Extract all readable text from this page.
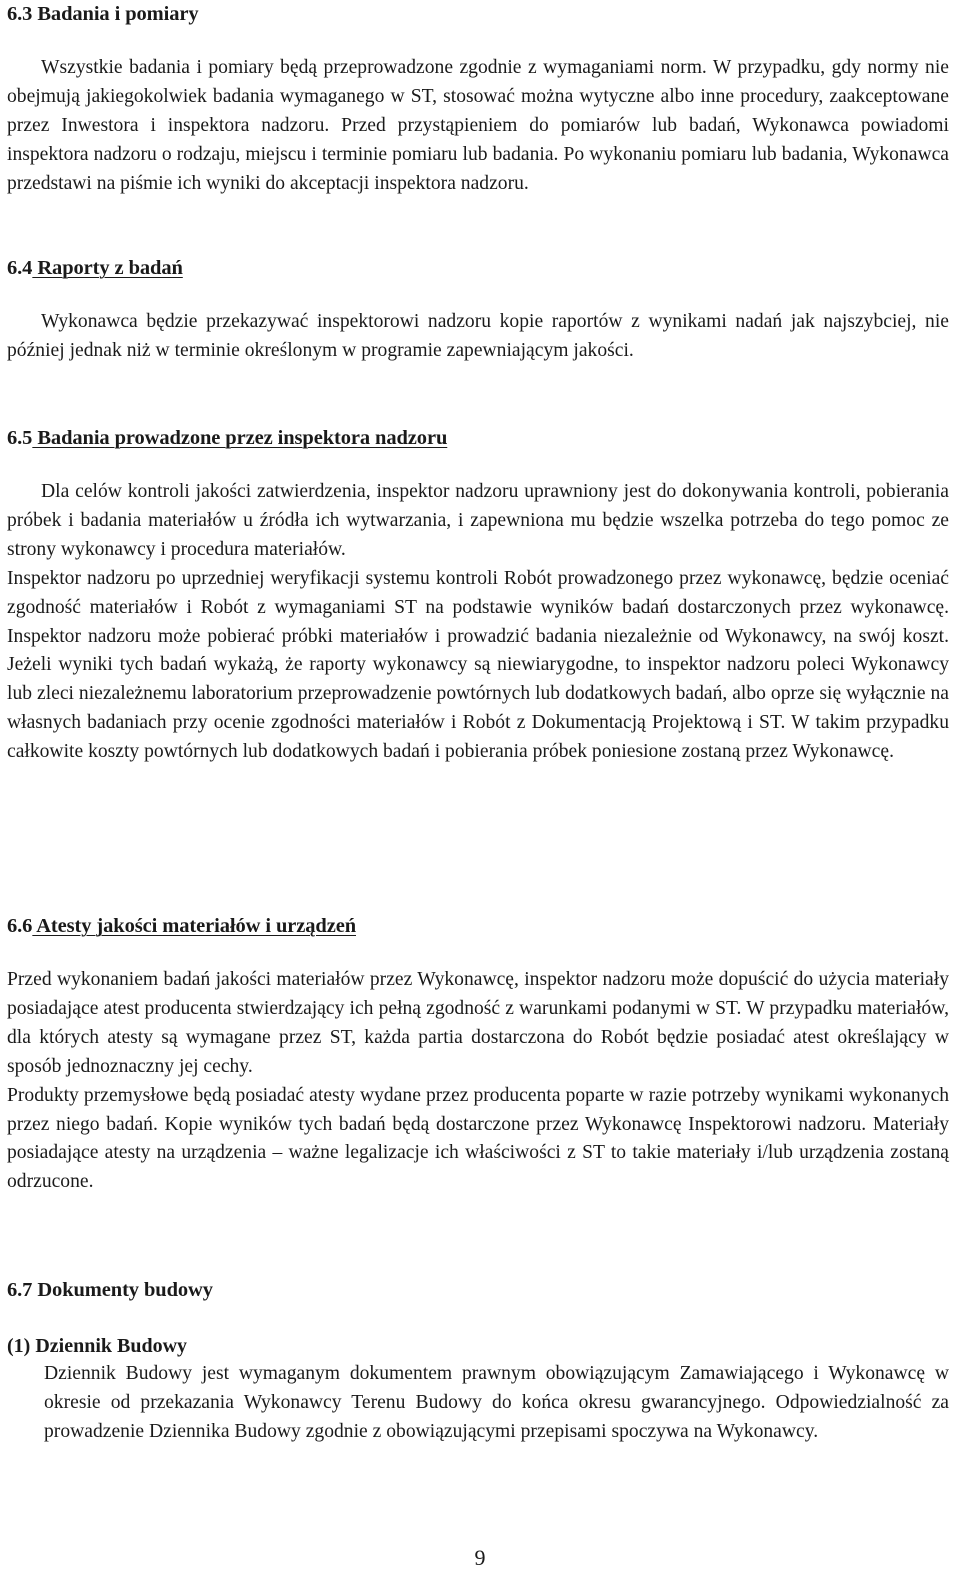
6.3 Badania i pomiary

Wszystkie badania i pomiary będą przeprowadzone zgodnie z wymaganiami norm. W przypadku, gdy normy nie obejmują jakiegokolwiek badania wymaganego w ST, stosować można wytyczne albo inne procedury, zaakceptowane przez Inwestora i inspektora nadzoru. Przed przystąpieniem do pomiarów lub badań, Wykonawca powiadomi inspektora nadzoru o rodzaju, miejscu i terminie pomiaru lub badania. Po wykonaniu pomiaru lub badania, Wykonawca przedstawi na piśmie ich wyniki do akceptacji inspektora nadzoru.

6.4 Raporty z badań

Wykonawca będzie przekazywać inspektorowi nadzoru kopie raportów z wynikami nadań jak najszybciej, nie później jednak niż w terminie określonym w programie zapewniającym jakości.

6.5 Badania prowadzone przez inspektora nadzoru

Dla celów kontroli jakości zatwierdzenia, inspektor nadzoru uprawniony jest do dokonywania kontroli, pobierania próbek i badania materiałów u źródła ich wytwarzania, i zapewniona mu będzie wszelka potrzeba do tego pomoc ze strony wykonawcy i procedura materiałów.

Inspektor nadzoru po uprzedniej weryfikacji systemu kontroli Robót prowadzonego przez wykonawcę, będzie oceniać zgodność materiałów i Robót z wymaganiami ST na podstawie wyników badań dostarczonych przez wykonawcę. Inspektor nadzoru może pobierać próbki materiałów i prowadzić badania niezależnie od Wykonawcy, na swój koszt. Jeżeli wyniki tych badań wykażą, że raporty wykonawcy są niewiarygodne, to inspektor nadzoru poleci Wykonawcy lub zleci niezależnemu laboratorium przeprowadzenie powtórnych lub dodatkowych badań, albo oprze się wyłącznie na własnych badaniach przy ocenie zgodności materiałów i Robót z Dokumentacją Projektową i ST. W takim przypadku całkowite koszty powtórnych lub dodatkowych badań i pobierania próbek poniesione zostaną przez Wykonawcę.

6.6 Atesty jakości materiałów i urządzeń

Przed wykonaniem badań jakości materiałów przez Wykonawcę, inspektor nadzoru może dopuścić do użycia materiały posiadające atest producenta stwierdzający ich pełną zgodność z warunkami podanymi w ST. W przypadku materiałów, dla których atesty są wymagane przez ST, każda partia dostarczona do Robót będzie posiadać atest określający w sposób jednoznaczny jej cechy.

Produkty przemysłowe będą posiadać atesty wydane przez producenta poparte w razie potrzeby wynikami wykonanych przez niego badań. Kopie wyników tych badań będą dostarczone przez Wykonawcę Inspektorowi nadzoru. Materiały posiadające atesty na urządzenia – ważne legalizacje ich właściwości z ST to takie materiały i/lub urządzenia zostaną odrzucone.

6.7 Dokumenty budowy
(1) Dziennik Budowy

Dziennik Budowy jest wymaganym dokumentem prawnym obowiązującym Zamawiającego i Wykonawcę w okresie od przekazania Wykonawcy Terenu Budowy do końca okresu gwarancyjnego. Odpowiedzialność za prowadzenie Dziennika Budowy zgodnie z obowiązującymi przepisami spoczywa na Wykonawcy.

9
